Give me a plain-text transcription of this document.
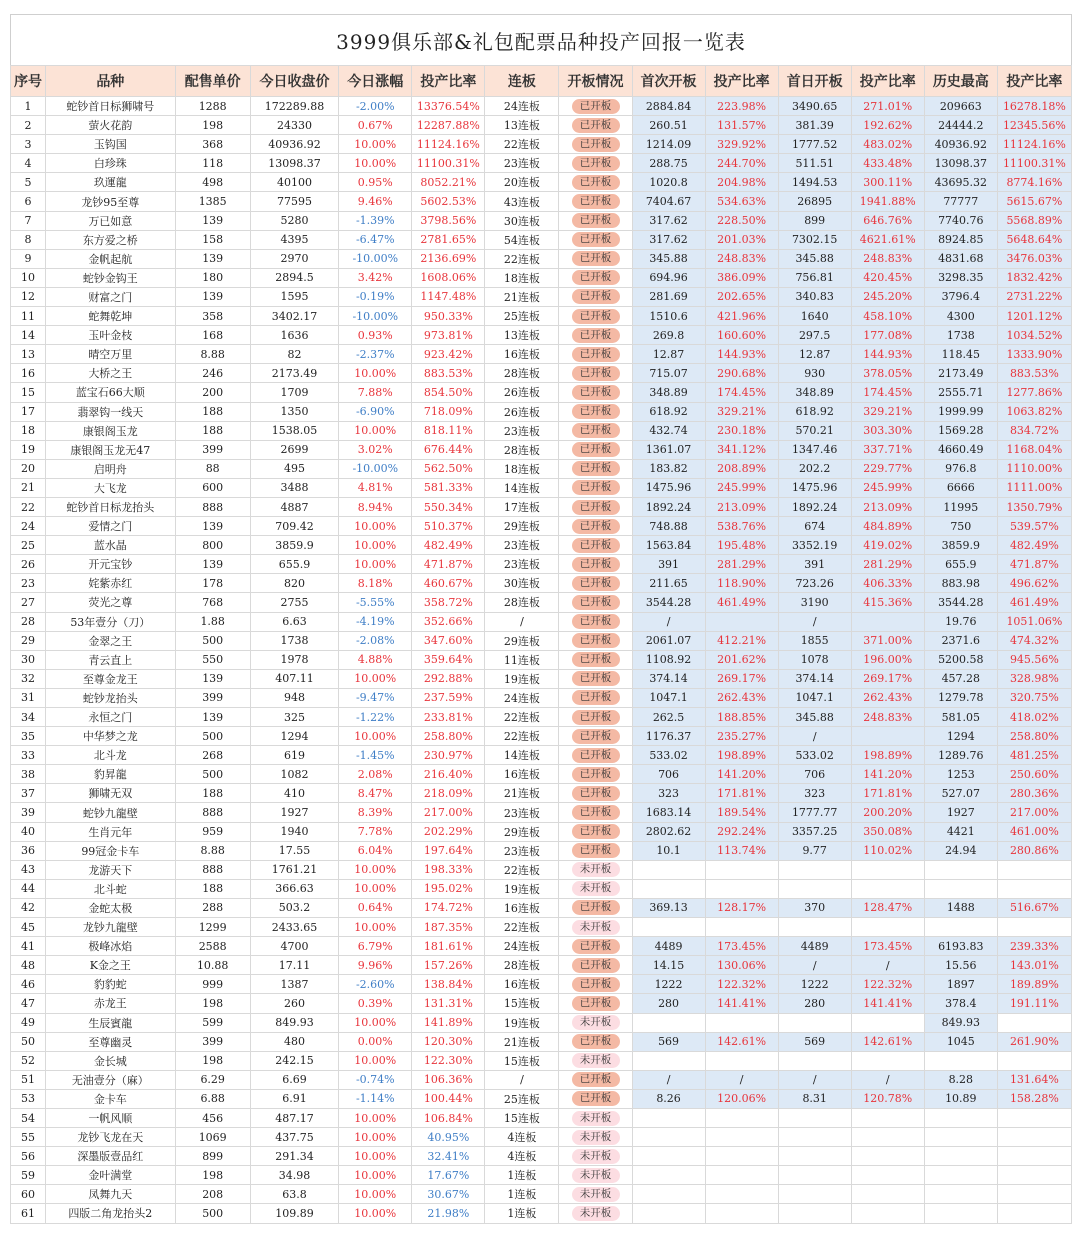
3999俱乐部&礼包配票品种投产回报一览表
序号	品种	配售单价	今日收盘价	今日涨幅	投产比率	连板	开板情况	首次开板	投产比率	首日开板	投产比率	历史最高	投产比率
1	蛇钞首日标狮啸号	1288	172289.88	-2.00%	13376.54%	24连板	已开板	2884.84	223.98%	3490.65	271.01%	209663	16278.18%
2	萤火花韵	198	24330	0.67%	12287.88%	13连板	已开板	260.51	131.57%	381.39	192.62%	24444.2	12345.56%
3	玉钩国	368	40936.92	10.00%	11124.16%	22连板	已开板	1214.09	329.92%	1777.52	483.02%	40936.92	11124.16%
4	白珍珠	118	13098.37	10.00%	11100.31%	23连板	已开板	288.75	244.70%	511.51	433.48%	13098.37	11100.31%
5	玖運龍	498	40100	0.95%	8052.21%	20连板	已开板	1020.8	204.98%	1494.53	300.11%	43695.32	8774.16%
6	龙钞95至尊	1385	77595	9.46%	5602.53%	43连板	已开板	7404.67	534.63%	26895	1941.88%	77777	5615.67%
7	万已如意	139	5280	-1.39%	3798.56%	30连板	已开板	317.62	228.50%	899	646.76%	7740.76	5568.89%
8	东方爱之桥	158	4395	-6.47%	2781.65%	54连板	已开板	317.62	201.03%	7302.15	4621.61%	8924.85	5648.64%
9	金帆起航	139	2970	-10.00%	2136.69%	22连板	已开板	345.88	248.83%	345.88	248.83%	4831.68	3476.03%
10	蛇钞金钩王	180	2894.5	3.42%	1608.06%	18连板	已开板	694.96	386.09%	756.81	420.45%	3298.35	1832.42%
12	财富之门	139	1595	-0.19%	1147.48%	21连板	已开板	281.69	202.65%	340.83	245.20%	3796.4	2731.22%
11	蛇舞乾坤	358	3402.17	-10.00%	950.33%	25连板	已开板	1510.6	421.96%	1640	458.10%	4300	1201.12%
14	玉叶金枝	168	1636	0.93%	973.81%	13连板	已开板	269.8	160.60%	297.5	177.08%	1738	1034.52%
13	晴空万里	8.88	82	-2.37%	923.42%	16连板	已开板	12.87	144.93%	12.87	144.93%	118.45	1333.90%
16	大桥之王	246	2173.49	10.00%	883.53%	28连板	已开板	715.07	290.68%	930	378.05%	2173.49	883.53%
15	蓝宝石66大顺	200	1709	7.88%	854.50%	26连板	已开板	348.89	174.45%	348.89	174.45%	2555.71	1277.86%
17	翡翠钩一线天	188	1350	-6.90%	718.09%	26连板	已开板	618.92	329.21%	618.92	329.21%	1999.99	1063.82%
18	康银阁玉龙	188	1538.05	10.00%	818.11%	23连板	已开板	432.74	230.18%	570.21	303.30%	1569.28	834.72%
19	康银阁玉龙无47	399	2699	3.02%	676.44%	28连板	已开板	1361.07	341.12%	1347.46	337.71%	4660.49	1168.04%
20	启明舟	88	495	-10.00%	562.50%	18连板	已开板	183.82	208.89%	202.2	229.77%	976.8	1110.00%
21	大飞龙	600	3488	4.81%	581.33%	14连板	已开板	1475.96	245.99%	1475.96	245.99%	6666	1111.00%
22	蛇钞首日标龙抬头	888	4887	8.94%	550.34%	17连板	已开板	1892.24	213.09%	1892.24	213.09%	11995	1350.79%
24	爱情之门	139	709.42	10.00%	510.37%	29连板	已开板	748.88	538.76%	674	484.89%	750	539.57%
25	蓝水晶	800	3859.9	10.00%	482.49%	23连板	已开板	1563.84	195.48%	3352.19	419.02%	3859.9	482.49%
26	开元宝钞	139	655.9	10.00%	471.87%	23连板	已开板	391	281.29%	391	281.29%	655.9	471.87%
23	姹紫赤红	178	820	8.18%	460.67%	30连板	已开板	211.65	118.90%	723.26	406.33%	883.98	496.62%
27	荧光之尊	768	2755	-5.55%	358.72%	28连板	已开板	3544.28	461.49%	3190	415.36%	3544.28	461.49%
28	53年壹分（刀）	1.88	6.63	-4.19%	352.66%	/	已开板	/		/		19.76	1051.06%
29	金翠之王	500	1738	-2.08%	347.60%	29连板	已开板	2061.07	412.21%	1855	371.00%	2371.6	474.32%
30	青云直上	550	1978	4.88%	359.64%	11连板	已开板	1108.92	201.62%	1078	196.00%	5200.58	945.56%
32	至尊金龙王	139	407.11	10.00%	292.88%	19连板	已开板	374.14	269.17%	374.14	269.17%	457.28	328.98%
31	蛇钞龙抬头	399	948	-9.47%	237.59%	24连板	已开板	1047.1	262.43%	1047.1	262.43%	1279.78	320.75%
34	永恒之门	139	325	-1.22%	233.81%	22连板	已开板	262.5	188.85%	345.88	248.83%	581.05	418.02%
35	中华梦之龙	500	1294	10.00%	258.80%	22连板	已开板	1176.37	235.27%	/		1294	258.80%
33	北斗龙	268	619	-1.45%	230.97%	14连板	已开板	533.02	198.89%	533.02	198.89%	1289.76	481.25%
38	豹昇龍	500	1082	2.08%	216.40%	16连板	已开板	706	141.20%	706	141.20%	1253	250.60%
37	狮啸无双	188	410	8.47%	218.09%	21连板	已开板	323	171.81%	323	171.81%	527.07	280.36%
39	蛇钞九龍壁	888	1927	8.39%	217.00%	23连板	已开板	1683.14	189.54%	1777.77	200.20%	1927	217.00%
40	生肖元年	959	1940	7.78%	202.29%	29连板	已开板	2802.62	292.24%	3357.25	350.08%	4421	461.00%
36	99冠金卡车	8.88	17.55	6.04%	197.64%	23连板	已开板	10.1	113.74%	9.77	110.02%	24.94	280.86%
43	龙游天下	888	1761.21	10.00%	198.33%	22连板	未开板						
44	北斗蛇	188	366.63	10.00%	195.02%	19连板	未开板						
42	金蛇太极	288	503.2	0.64%	174.72%	16连板	已开板	369.13	128.17%	370	128.47%	1488	516.67%
45	龙钞九龍壁	1299	2433.65	10.00%	187.35%	22连板	未开板						
41	极峰冰焰	2588	4700	6.79%	181.61%	24连板	已开板	4489	173.45%	4489	173.45%	6193.83	239.33%
48	K金之王	10.88	17.11	9.96%	157.26%	28连板	已开板	14.15	130.06%	/	/	15.56	143.01%
46	豹豹蛇	999	1387	-2.60%	138.84%	16连板	已开板	1222	122.32%	1222	122.32%	1897	189.89%
47	赤龙王	198	260	0.39%	131.31%	15连板	已开板	280	141.41%	280	141.41%	378.4	191.11%
49	生辰賓龍	599	849.93	10.00%	141.89%	19连板	未开板					849.93	
50	至尊幽灵	399	480	0.00%	120.30%	21连板	已开板	569	142.61%	569	142.61%	1045	261.90%
52	金长城	198	242.15	10.00%	122.30%	15连板	未开板						
51	无油壹分（麻）	6.29	6.69	-0.74%	106.36%	/	已开板	/	/	/	/	8.28	131.64%
53	金卡车	6.88	6.91	-1.14%	100.44%	25连板	已开板	8.26	120.06%	8.31	120.78%	10.89	158.28%
54	一帆风顺	456	487.17	10.00%	106.84%	15连板	未开板						
55	龙钞飞龙在天	1069	437.75	10.00%	40.95%	4连板	未开板						
56	深墨版壹品红	899	291.34	10.00%	32.41%	4连板	未开板						
59	金叶满堂	198	34.98	10.00%	17.67%	1连板	未开板						
60	凤舞九天	208	63.8	10.00%	30.67%	1连板	未开板						
61	四版二角龙抬头2	500	109.89	10.00%	21.98%	1连板	未开板						
